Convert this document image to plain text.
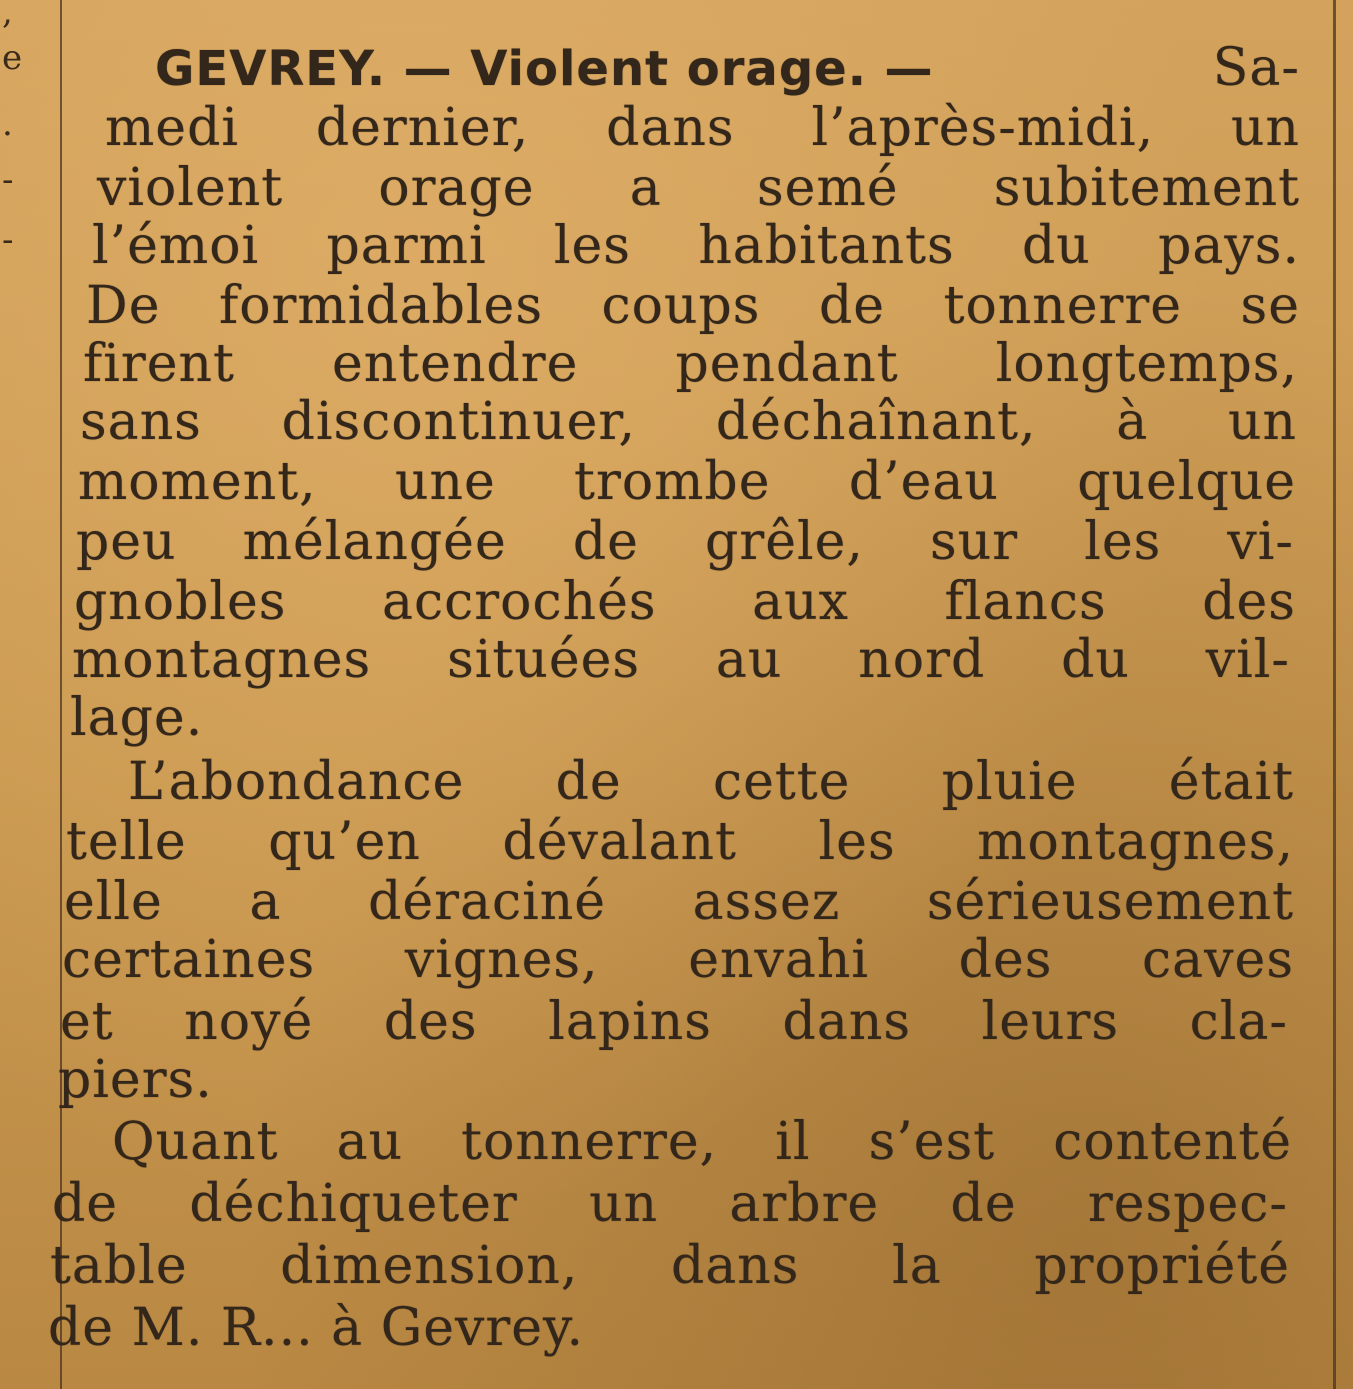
,
e
.
-
-
GEVREY. — Violent orage. —	Sa-
medi dernier, dans l’après-midi, un
violent orage a semé subitement
l’émoi parmi les habitants du pays.
De formidables coups de tonnerre se
firent entendre pendant longtemps,
sans discontinuer, déchaînant, à un
moment, une trombe d’eau quelque
peu mélangée de grêle, sur les vi-
gnobles accrochés aux flancs des
montagnes situées au nord du vil-
lage.
L’abondance de cette pluie était
telle qu’en dévalant les montagnes,
elle a déraciné assez sérieusement
certaines vignes, envahi des caves
et noyé des lapins dans leurs cla-
piers.
Quant au tonnerre, il s’est contenté
de déchiqueter un arbre de respec-
table dimension, dans la propriété
de M. R... à Gevrey.
